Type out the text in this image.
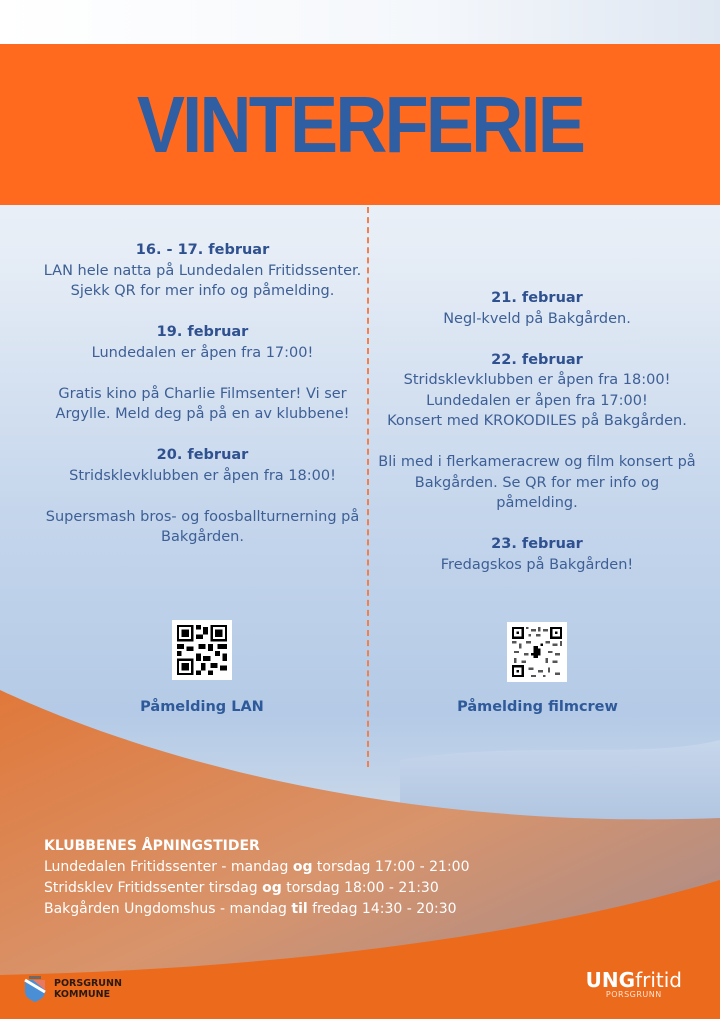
VINTERFERIE
16. - 17. februar
LAN hele natta på Lundedalen Fritidssenter. Sjekk QR for mer info og påmelding.
19. februar
Lundedalen er åpen fra 17:00!
Gratis kino på Charlie Filmsenter! Vi ser Argylle. Meld deg på på en av klubbene!
20. februar
Stridsklevklubben er åpen fra 18:00!
Supersmash bros- og foosballturnerning på Bakgården.
21. februar
Negl-kveld på Bakgården.
22. februar
Stridsklevklubben er åpen fra 18:00!
Lundedalen er åpen fra 17:00!
Konsert med KROKODILES på Bakgården.
Bli med i flerkameracrew og film konsert på Bakgården. Se QR for mer info og påmelding.
23. februar
Fredagskos på Bakgården!
Påmelding LAN	Påmelding filmcrew
KLUBBENES ÅPNINGSTIDER
Lundedalen Fritidssenter - mandag og torsdag 17:00 - 21:00
Stridsklev Fritidssenter tirsdag og torsdag 18:00 - 21:30
Bakgården Ungdomshus - mandag til fredag 14:30 - 20:30
PORSGRUNN
KOMMUNE
UNGfritid
PORSGRUNN
